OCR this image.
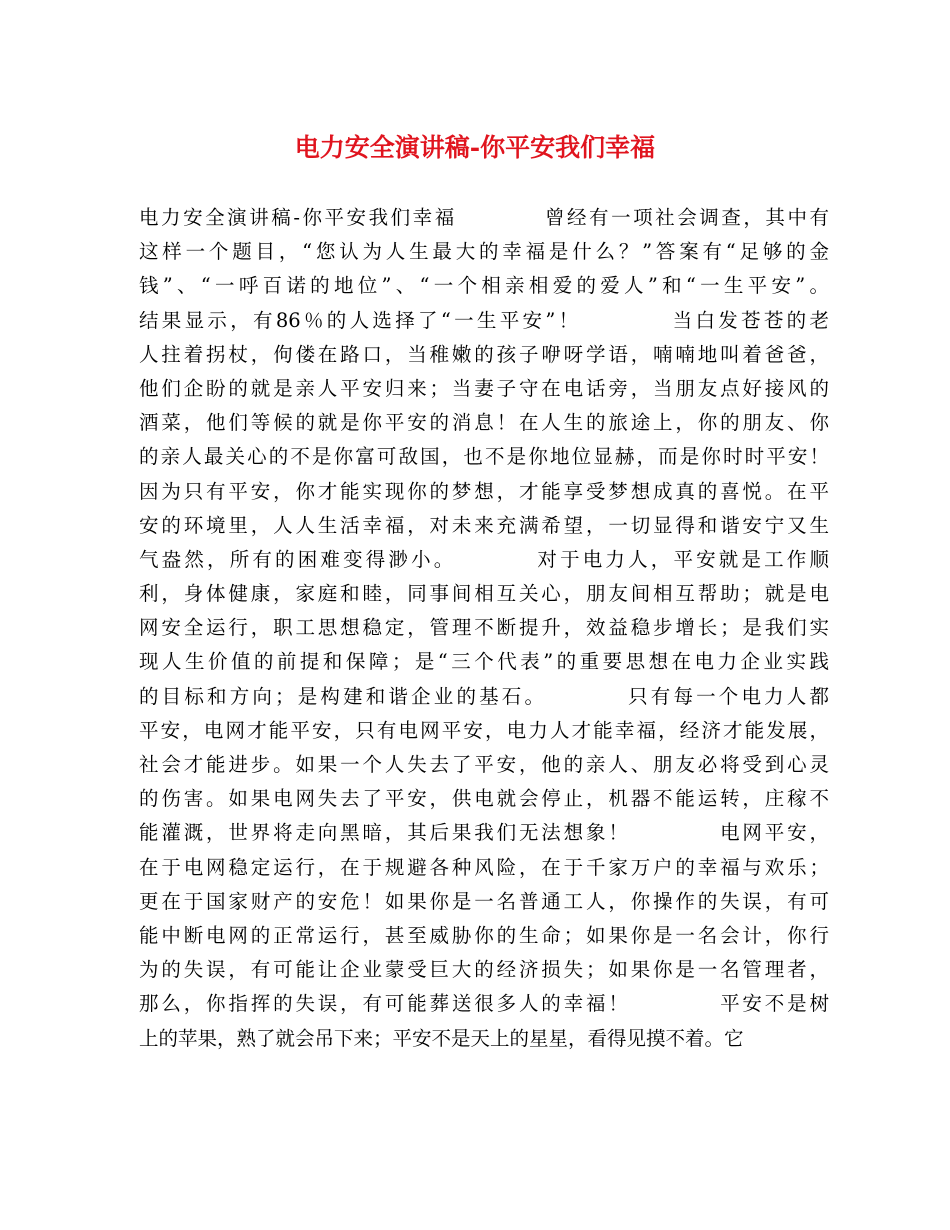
电力安全演讲稿-你平安我们幸福
电力安全演讲稿-你平安我们幸福　　　　曾经有一项社会调查，其中有
这样一个题目，“您认为人生最大的幸福是什么？”答案有“足够的金
钱”、“一呼百诺的地位”、“一个相亲相爱的爱人”和“一生平安”。
结果显示，有86％的人选择了“一生平安”！　　　　当白发苍苍的老
人拄着拐杖，佝偻在路口，当稚嫩的孩子咿呀学语，喃喃地叫着爸爸，
他们企盼的就是亲人平安归来；当妻子守在电话旁，当朋友点好接风的
酒菜，他们等候的就是你平安的消息！在人生的旅途上，你的朋友、你
的亲人最关心的不是你富可敌国，也不是你地位显赫，而是你时时平安！
因为只有平安，你才能实现你的梦想，才能享受梦想成真的喜悦。在平
安的环境里，人人生活幸福，对未来充满希望，一切显得和谐安宁又生
气盎然，所有的困难变得渺小。　　　　对于电力人，平安就是工作顺
利，身体健康，家庭和睦，同事间相互关心，朋友间相互帮助；就是电
网安全运行，职工思想稳定，管理不断提升，效益稳步增长；是我们实
现人生价值的前提和保障；是“三个代表”的重要思想在电力企业实践
的目标和方向；是构建和谐企业的基石。　　　　只有每一个电力人都
平安，电网才能平安，只有电网平安，电力人才能幸福，经济才能发展，
社会才能进步。如果一个人失去了平安，他的亲人、朋友必将受到心灵
的伤害。如果电网失去了平安，供电就会停止，机器不能运转，庄稼不
能灌溉，世界将走向黑暗，其后果我们无法想象！　　　　电网平安，
在于电网稳定运行，在于规避各种风险，在于千家万户的幸福与欢乐；
更在于国家财产的安危！如果你是一名普通工人，你操作的失误，有可
能中断电网的正常运行，甚至威胁你的生命；如果你是一名会计，你行
为的失误，有可能让企业蒙受巨大的经济损失；如果你是一名管理者，
那么，你指挥的失误，有可能葬送很多人的幸福！　　　　平安不是树
上的苹果，熟了就会吊下来；平安不是天上的星星，看得见摸不着。它
